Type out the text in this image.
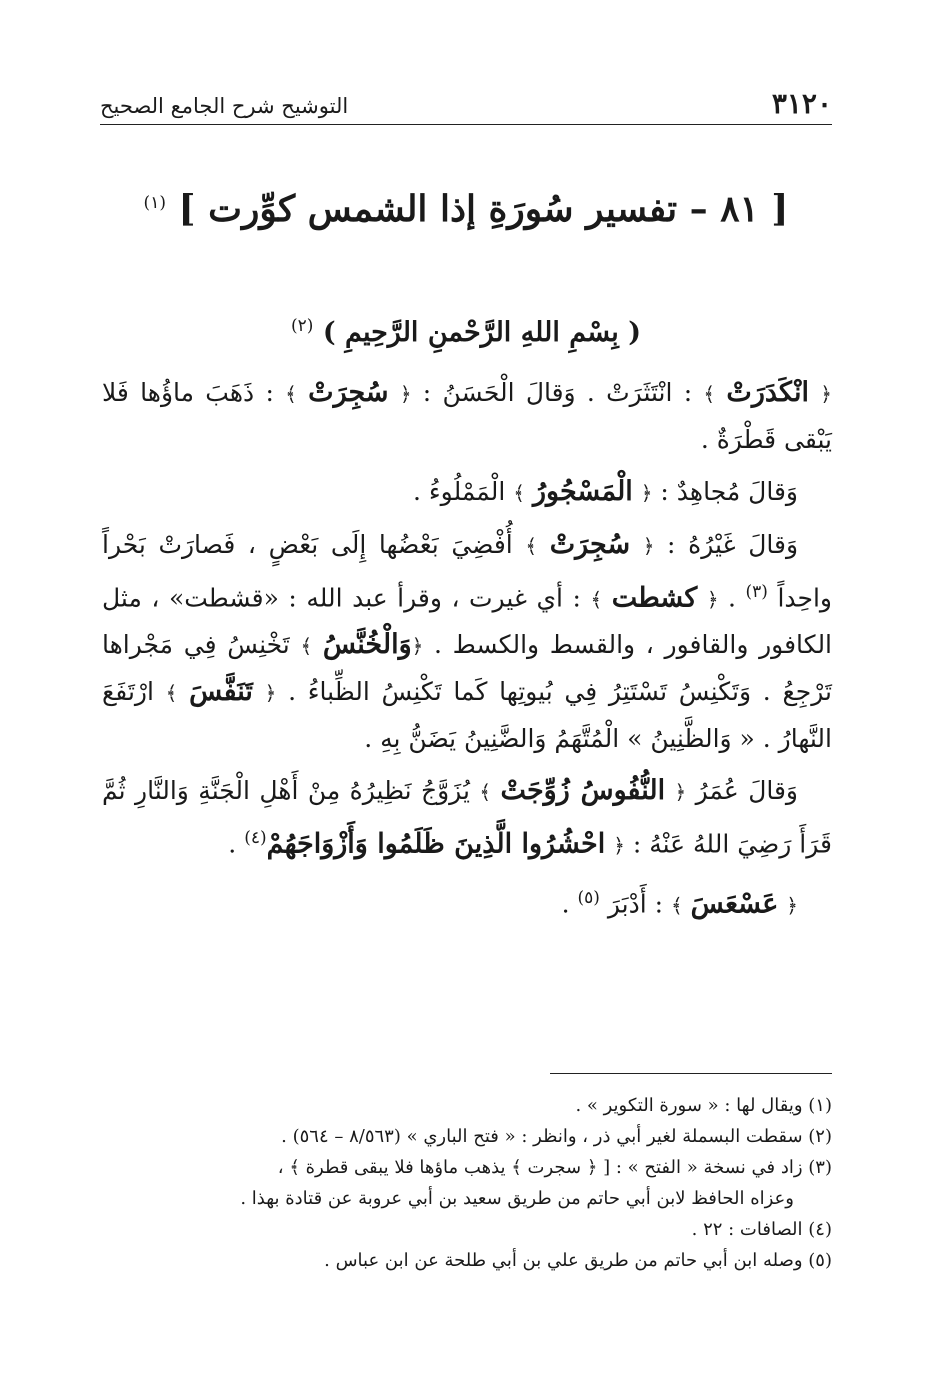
٣١٢٠
التوشيح شرح الجامع الصحيح
[ ٨١ – تفسير سُورَةِ إذا الشمس كوِّرت ] $^{(١)}$
( بِسْمِ اللهِ الرَّحْمنِ الرَّحِيمِ ) $^{(٢)}$

﴿ انْكَدَرَتْ ﴾ : انْتَثَرَتْ . وَقالَ الْحَسَنُ : ﴿ سُجِرَتْ ﴾ : ذَهَبَ ماؤُها فَلا يَبْقى قَطْرَةٌ .

وَقالَ مُجاهِدٌ : ﴿ الْمَسْجُورُ ﴾ الْمَمْلُوءُ .

وَقالَ غَيْرُهُ : ﴿ سُجِرَتْ ﴾ أُفْضِيَ بَعْضُها إِلَى بَعْضٍ ، فَصارَتْ بَحْراً واحِداً $^{(٣)}$ . ﴿ كشطت ﴾ : أي غيرت ، وقرأ عبد الله : «قشطت» ، مثل الكافور والقافور ، والقسط والكسط . ﴿وَالْخُنَّسُ ﴾ تَخْنِسُ فِي مَجْراها تَرْجِعُ . وَتَكْنِسُ تَسْتَتِرُ فِي بُيوتِها كَما تَكْنِسُ الظِّباءُ . ﴿ تَنَفَّسَ ﴾ ارْتَفَعَ النَّهارُ . « وَالظَّنِينُ » الْمُتَّهَمُ وَالضَّنِينُ يَضَنُّ بِهِ .

وَقالَ عُمَرُ ﴿ النُّفُوسُ زُوِّجَتْ ﴾ يُزَوَّجُ نَظِيرُهُ مِنْ أَهْلِ الْجَنَّةِ وَالنَّارِ ثُمَّ قَرَأَ رَضِيَ اللهُ عَنْهُ : ﴿ احْشُرُوا الَّذِينَ ظَلَمُوا وَأَزْوَاجَهُمْ$^{(٤)}$ .

﴿ عَسْعَسَ ﴾ : أَدْبَرَ $^{(٥)}$ .

(١) ويقال لها : « سورة التكوير » .

(٢) سقطت البسملة لغير أبي ذر ، وانظر : « فتح الباري » (٨/٥٦٣ – ٥٦٤) .

(٣) زاد في نسخة « الفتح » : [ ﴿ سجرت ﴾ يذهب ماؤها فلا يبقى قطرة ﴾ ،

وعزاه الحافظ لابن أبي حاتم من طريق سعيد بن أبي عروبة عن قتادة بهذا .

(٤) الصافات : ٢٢ .

(٥) وصله ابن أبي حاتم من طريق علي بن أبي طلحة عن ابن عباس .
